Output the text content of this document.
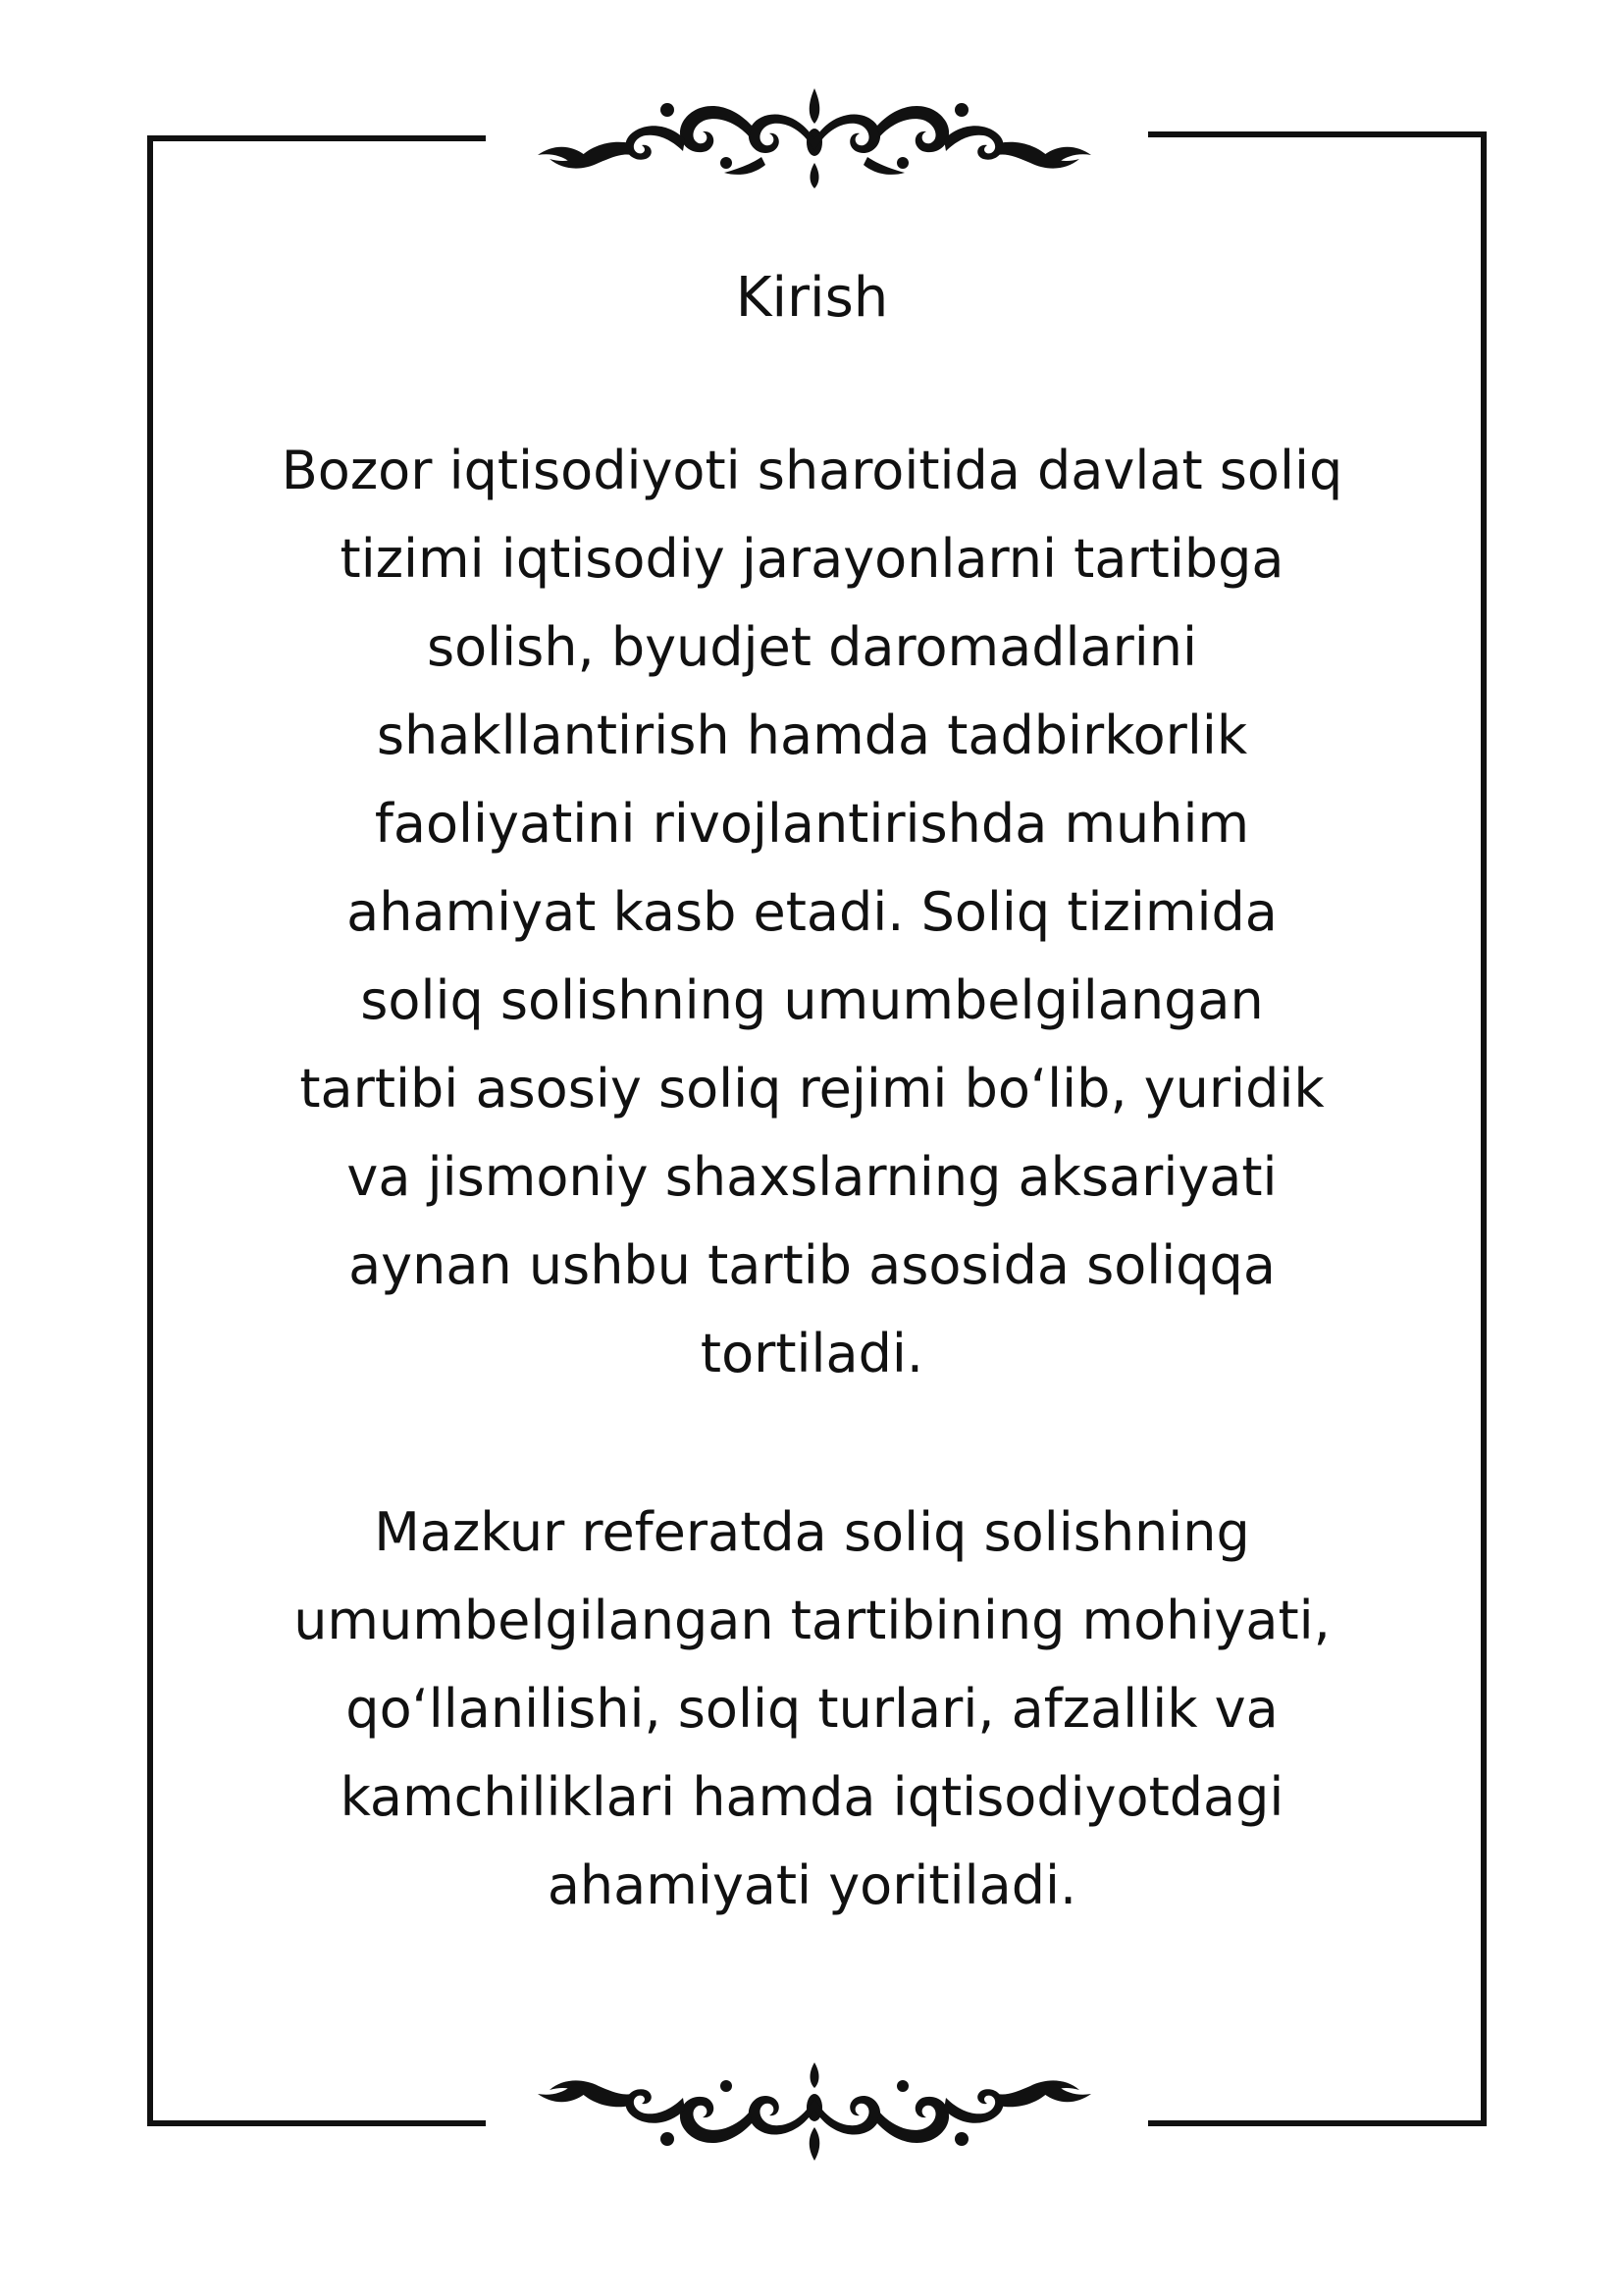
Kirish

Bozor iqtisodiyoti sharoitida davlat soliq tizimi iqtisodiy jarayonlarni tartibga solish, byudjet daromadlarini shakllantirish hamda tadbirkorlik faoliyatini rivojlantirishda muhim ahamiyat kasb etadi. Soliq tizimida soliq solishning umumbelgilangan tartibi asosiy soliq rejimi bo‘lib, yuridik va jismoniy shaxslarning aksariyati aynan ushbu tartib asosida soliqqa tortiladi.

Mazkur referatda soliq solishning umumbelgilangan tartibining mohiyati, qo‘llanilishi, soliq turlari, afzallik va kamchiliklari hamda iqtisodiyotdagi ahamiyati yoritiladi.
